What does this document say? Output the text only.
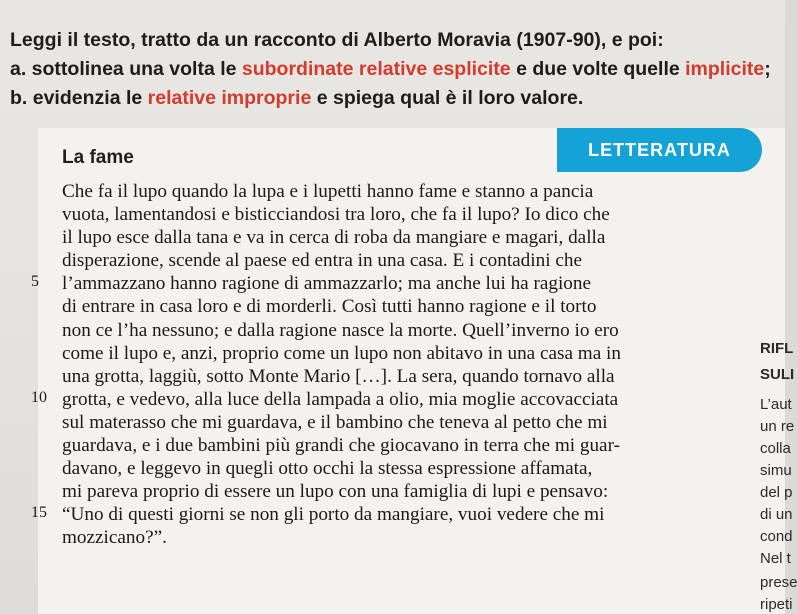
Leggi il testo, tratto da un racconto di Alberto Moravia (1907-90), e poi:

a. sottolinea una volta le subordinate relative esplicite e due volte quelle implicite;

b. evidenzia le relative improprie e spiega qual è il loro valore.

LETTERATURA
La fame
Che fa il lupo quando la lupa e i lupetti hanno fame e stanno a pancia
vuota, lamentandosi e bisticciandosi tra loro, che fa il lupo? Io dico che
il lupo esce dalla tana e va in cerca di roba da mangiare e magari, dalla
disperazione, scende al paese ed entra in una casa. E i contadini che
l’ammazzano hanno ragione di ammazzarlo; ma anche lui ha ragione
di entrare in casa loro e di morderli. Così tutti hanno ragione e il torto
non ce l’ha nessuno; e dalla ragione nasce la morte. Quell’inverno io ero
come il lupo e, anzi, proprio come un lupo non abitavo in una casa ma in
una grotta, laggiù, sotto Monte Mario […]. La sera, quando tornavo alla
grotta, e vedevo, alla luce della lampada a olio, mia moglie accovacciata
sul materasso che mi guardava, e il bambino che teneva al petto che mi
guardava, e i due bambini più grandi che giocavano in terra che mi guar-
davano, e leggevo in quegli otto occhi la stessa espressione affamata,
mi pareva proprio di essere un lupo con una famiglia di lupi e pensavo:
“Uno di questi giorni se non gli porto da mangiare, vuoi vedere che mi
mozzicano?”.
5
10
15
RIFL
SULI
L’aut
un re
colla
simu
del p
di un
cond
Nel t
prese
ripeti
